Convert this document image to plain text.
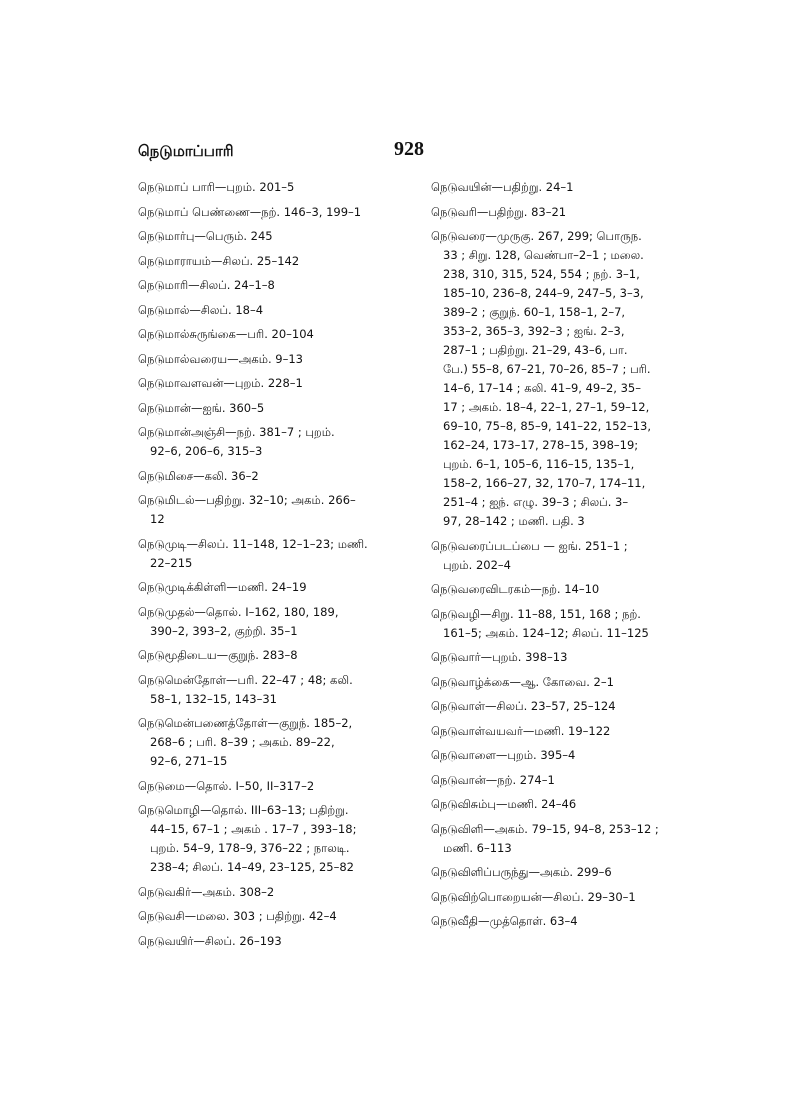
நெடுமாப்பாரி	928
நெடுமாப் பாரி—புறம். 201–5
நெடுமாப் பெண்ணை—நற். 146–3, 199–1
நெடுமார்பு—பெரும். 245
நெடுமாராயம்—சிலப். 25–142
நெடுமாரி—சிலப். 24–1–8
நெடுமால்—சிலப். 18–4
நெடுமால்சுருங்கை—பரி. 20–104
நெடுமால்வரைய—அகம். 9–13
நெடுமாவளவன்—புறம். 228–1
நெடுமான்—ஐங். 360–5
நெடுமான்அஞ்சி—நற். 381–7 ; புறம்.
92–6, 206–6, 315–3
நெடுமிசை—கலி. 36–2
நெடுமிடல்—பதிற்று. 32–10; அகம். 266–
12
நெடுமுடி—சிலப். 11–148, 12–1–23; மணி.
22–215
நெடுமுடிக்கிள்ளி—மணி. 24–19
நெடுமுதல்—தொல். I–162, 180, 189,
390–2, 393–2, குற்றி. 35–1
நெடுமூதிடைய—குறுந். 283–8
நெடுமென்தோள்—பரி. 22–47 ; 48; கலி.
58–1, 132–15, 143–31
நெடுமென்பணைத்தோள்—குறுந். 185–2,
268–6 ; பரி. 8–39 ; அகம். 89–22,
92–6, 271–15
நெடுமை—தொல். I–50, II–317–2
நெடுமொழி—தொல். III–63–13; பதிற்று.
44–15, 67–1 ; அகம் . 17–7 , 393–18;
புறம். 54–9, 178–9, 376–22 ; நாலடி.
238–4; சிலப். 14–49, 23–125, 25–82
நெடுவகிர்—அகம். 308–2
நெடுவசி—மலை. 303 ; பதிற்று. 42–4
நெடுவயிர்—சிலப். 26–193
நெடுவயின்—பதிற்று. 24–1
நெடுவரி—பதிற்று. 83–21
நெடுவரை—முருகு. 267, 299; பொருந.
33 ; சிறு. 128, வெண்பா–2–1 ; மலை.
238, 310, 315, 524, 554 ; நற். 3–1,
185–10, 236–8, 244–9, 247–5, 3–3,
389–2 ; குறுந். 60–1, 158–1, 2–7,
353–2, 365–3, 392–3 ; ஐங். 2–3,
287–1 ; பதிற்று. 21–29, 43–6, பா.
பே.) 55–8, 67–21, 70–26, 85–7 ; பரி.
14–6, 17–14 ; கலி. 41–9, 49–2, 35–
17 ; அகம். 18–4, 22–1, 27–1, 59–12,
69–10, 75–8, 85–9, 141–22, 152–13,
162–24, 173–17, 278–15, 398–19;
புறம். 6–1, 105–6, 116–15, 135–1,
158–2, 166–27, 32, 170–7, 174–11,
251–4 ; ஐந். எழு. 39–3 ; சிலப். 3–
97, 28–142 ; மணி. பதி. 3
நெடுவரைப்படப்பை — ஐங். 251–1 ;
புறம். 202–4
நெடுவரைவிடரகம்—நற். 14–10
நெடுவழி—சிறு. 11–88, 151, 168 ; நற்.
161–5; அகம். 124–12; சிலப். 11–125
நெடுவார்—புறம். 398–13
நெடுவாழ்க்கை—ஆ. கோவை. 2–1
நெடுவாள்—சிலப். 23–57, 25–124
நெடுவாள்வயவர்—மணி. 19–122
நெடுவாளை—புறம். 395–4
நெடுவான்—நற். 274–1
நெடுவிசும்பு—மணி. 24–46
நெடுவிளி—அகம். 79–15, 94–8, 253–12 ;
மணி. 6–113
நெடுவிளிப்பருந்து—அகம். 299–6
நெடுவிற்பொறையன்—சிலப். 29–30–1
நெடுவீதி—முத்தொள். 63–4
